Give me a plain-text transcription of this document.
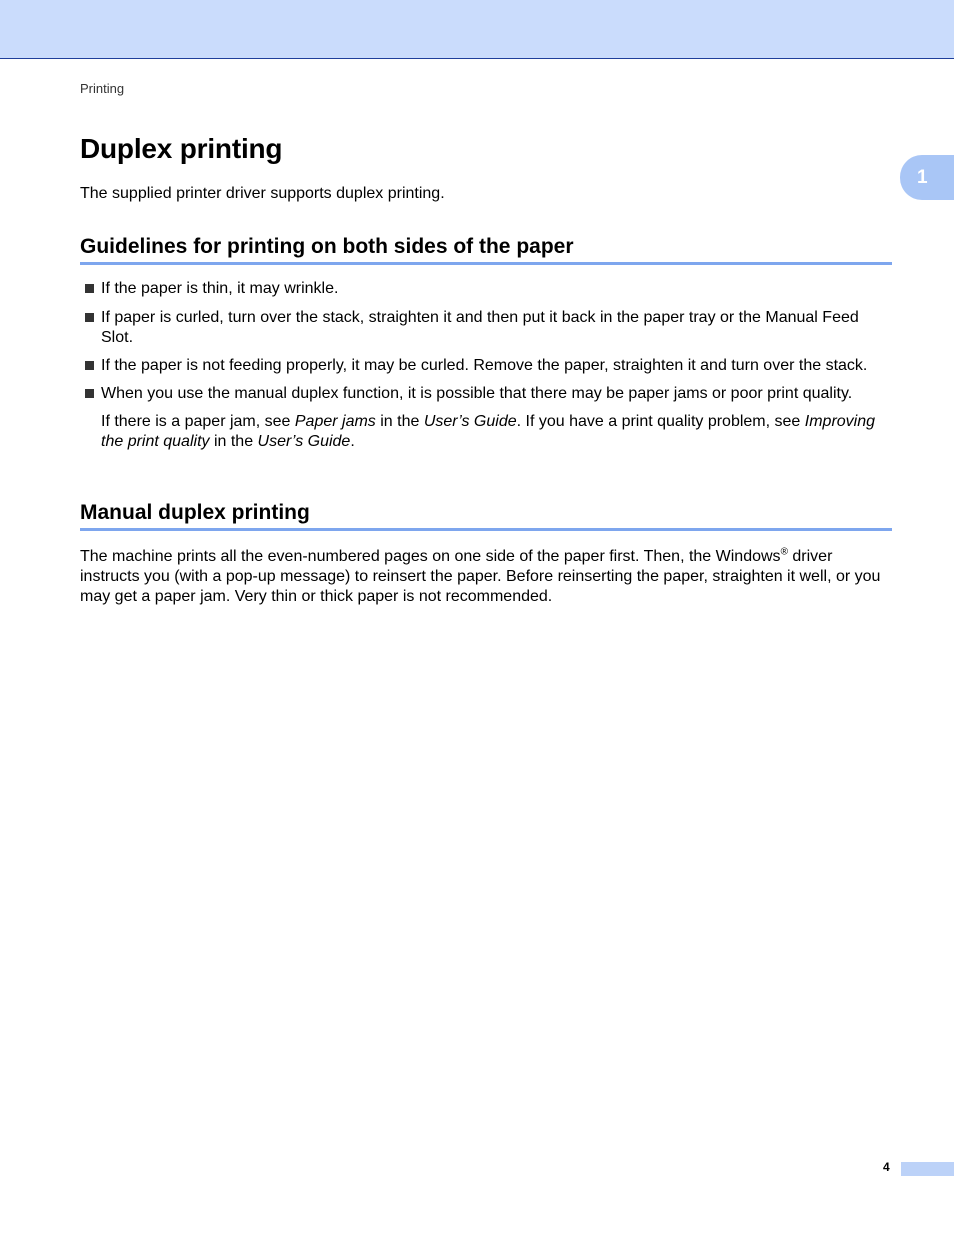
Printing
1
Duplex printing

The supplied printer driver supports duplex printing.

Guidelines for printing on both sides of the paper
If the paper is thin, it may wrinkle.
If paper is curled, turn over the stack, straighten it and then put it back in the paper tray or the Manual Feed Slot.
If the paper is not feeding properly, it may be curled. Remove the paper, straighten it and turn over the stack.
When you use the manual duplex function, it is possible that there may be paper jams or poor print quality.

If there is a paper jam, see Paper jams in the User’s Guide. If you have a print quality problem, see Improving the print quality in the User’s Guide.

Manual duplex printing

The machine prints all the even-numbered pages on one side of the paper first. Then, the Windows® driver instructs you (with a pop-up message) to reinsert the paper. Before reinserting the paper, straighten it well, or you may get a paper jam. Very thin or thick paper is not recommended.

4
